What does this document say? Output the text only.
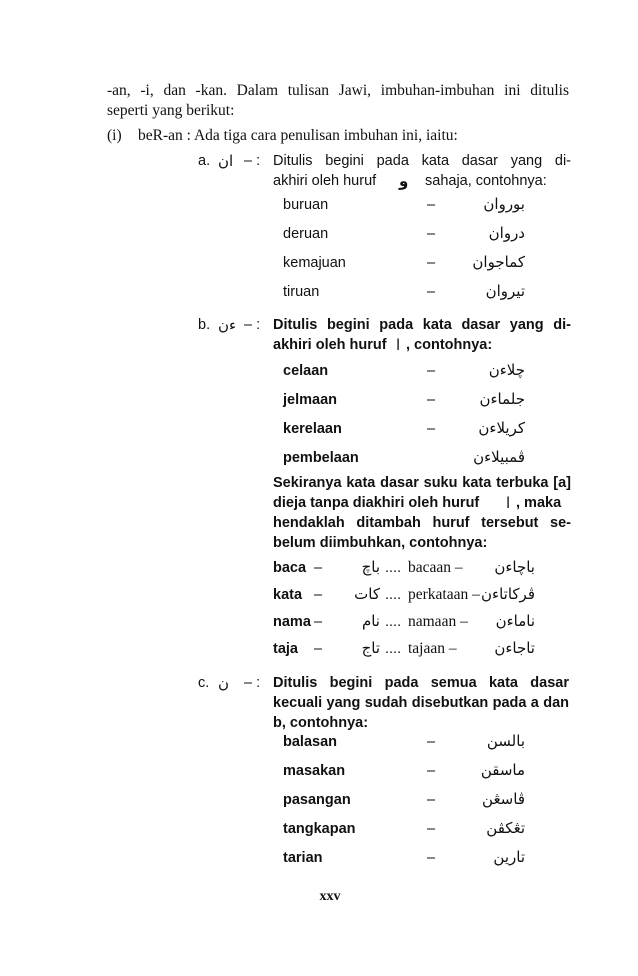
-an, -i, dan -kan. Dalam tulisan Jawi, imbuhan-imbuhan ini ditulis
seperti yang berikut:
(i) beR-an : Ada tiga cara penulisan imbuhan ini, iaitu:
a. ان – : Ditulis begini pada kata dasar yang di-
akhiri oleh huruf و sahaja, contohnya:
buruan	–	بوروان
deruan	–	دروان
kemajuan	–	کماجوان
tiruan	–	تيروان
b. ءن – : Ditulis begini pada kata dasar yang di-
akhiri oleh huruf ا , contohnya:
celaan	–	چلاءن
jelmaan	–	جلماءن
kerelaan	–	کريلاءن
pembelaan	ڤمبيلاءن
Sekiranya kata dasar suku kata terbuka [a]
dieja tanpa diakhiri oleh huruf ا , maka
hendaklah ditambah huruf tersebut se-
belum diimbuhkan, contohnya:
baca –	باچ .... bacaan –	باچاءن
kata –	کات .... perkataan – ڤرکاتاءن
nama –	نام .... namaan –	ناماءن
taja –	تاج .... tajaan –	تاجاءن
c. ن – : Ditulis begini pada semua kata dasar
kecuali yang sudah disebutkan pada a dan
b, contohnya:
balasan	–	بالسن
masakan	–	ماسقن
pasangan	–	ڤاسڠن
tangkapan	–	تڠکڤن
tarian	–	تارين
xxv
